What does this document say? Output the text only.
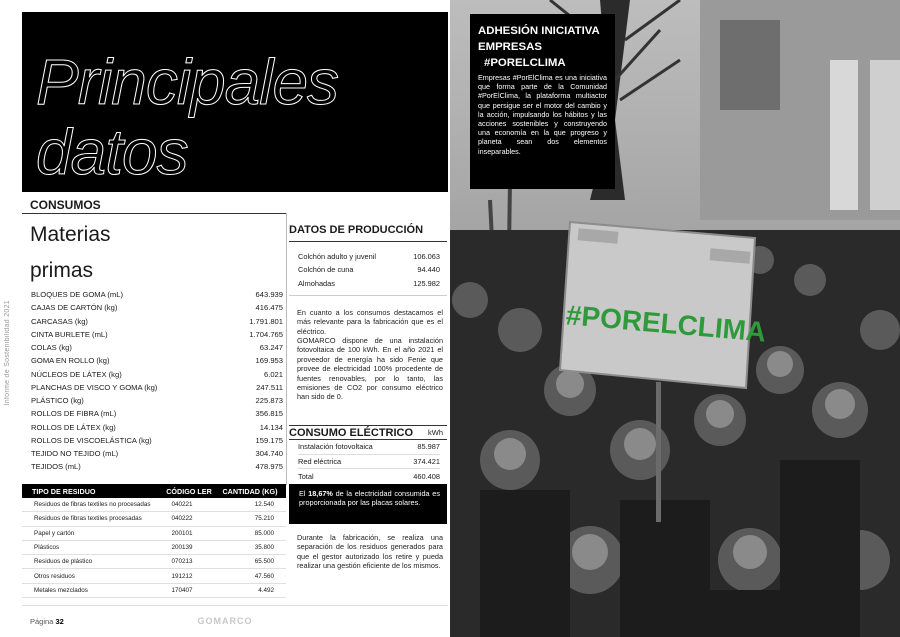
Informe de Sostenibilidad 2021
Principales
datos
CONSUMOS
Materias
primas
BLOQUES DE GOMA (mL)	643.939
CAJAS DE CARTÓN (kg)	416.475
CARCASAS (kg)	1.791.801
CINTA BURLETE (mL)	1.704.765
COLAS (kg)	63.247
GOMA EN ROLLO (kg)	169.953
NÚCLEOS DE LÁTEX (kg)	6.021
PLANCHAS DE VISCO Y GOMA (kg)	247.511
PLÁSTICO (kg)	225.873
ROLLOS DE FIBRA (mL)	356.815
ROLLOS DE LÁTEX (kg)	14.134
ROLLOS DE VISCOELÁSTICA (kg)	159.175
TEJIDO NO TEJIDO (mL)	304.740
TEJIDOS (mL)	478.975
DATOS DE PRODUCCIÓN
Colchón adulto y juvenil	106.063
Colchón de cuna	94.440
Almohadas	125.982
En cuanto a los consumos destacamos el más relevante para la fabricación que es el eléctrico.
GOMARCO dispone de una instalación fotovoltaica de 100 kWh. En el año 2021 el proveedor de energía ha sido Fenie que provee de electricidad 100% procedente de fuentes renovables, por lo tanto, las emisiones de CO2 por consumo eléctrico han sido de 0.
CONSUMO ELÉCTRICO kWh
Instalación fotovoltaica	85.987
Red eléctrica	374.421
Total	460.408
El 18,67% de la electricidad consumida es proporcionada por las placas solares.
Durante la fabricación, se realiza una separación de los residuos generados para que el gestor autorizado los retire y pueda realizar una gestión eficiente de los mismos.
TIPO DE RESIDUO	CÓDIGO LER	CANTIDAD (KG)
Residuos de fibras textiles no procesadas	040221	12.540
Residuos de fibras textiles procesadas	040222	75.210
Papel y cartón	200101	85.000
Plásticos	200139	35.800
Residuos de plástico	070213	65.500
Otros residuos	191212	47.560
Metales mezclados	170407	4.492
Página 32	GOMARCO
#PORELCLIMA
ADHESIÓN INICIATIVA
EMPRESAS

#PORELCLIMA
Empresas #PorElClima es una iniciativa que forma parte de la Comunidad #PorElClima, la plataforma multiactor que persigue ser el motor del cambio y la acción, impulsando los hábitos y las acciones sostenibles y construyendo una economía en la que progreso y planeta sean dos elementos inseparables.
